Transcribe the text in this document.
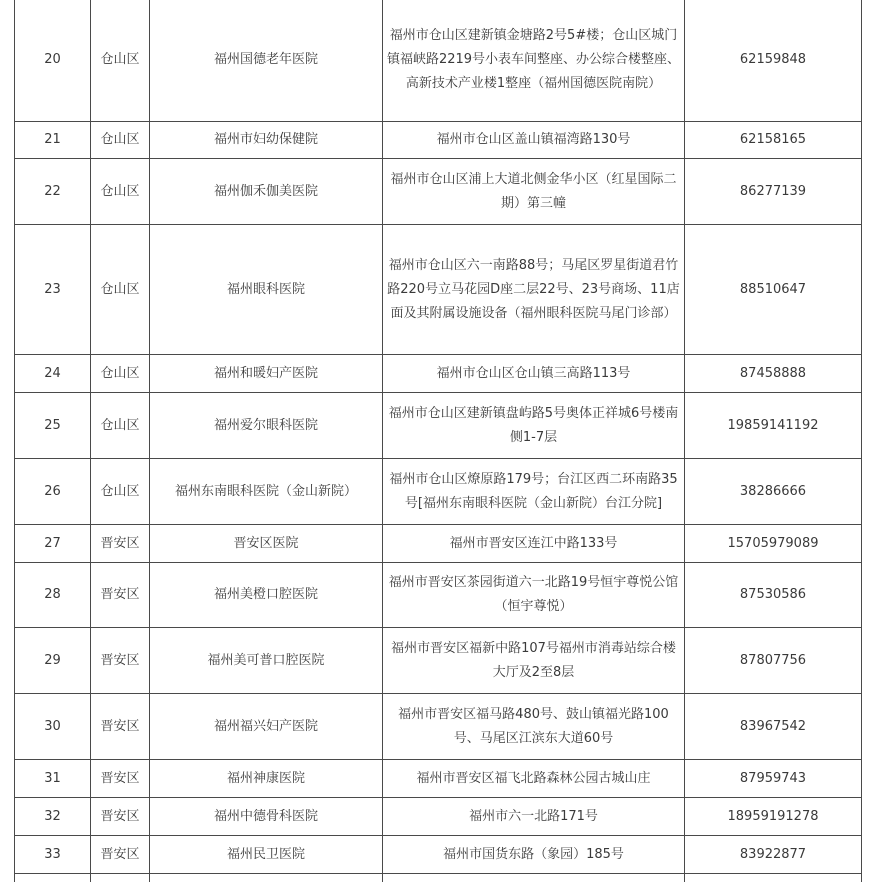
20	仓山区	福州国德老年医院	福州市仓山区建新镇金塘路2号5#楼；仓山区城门镇福峡路2219号小表车间整座、办公综合楼整座、高新技术产业楼1整座（福州国德医院南院）	62159848
21	仓山区	福州市妇幼保健院	福州市仓山区盖山镇福湾路130号	62158165
22	仓山区	福州伽禾伽美医院	福州市仓山区浦上大道北侧金华小区（红星国际二期）第三幢	86277139
23	仓山区	福州眼科医院	福州市仓山区六一南路88号；马尾区罗星街道君竹路220号立马花园D座二层22号、23号商场、11店面及其附属设施设备（福州眼科医院马尾门诊部）	88510647
24	仓山区	福州和暖妇产医院	福州市仓山区仓山镇三高路113号	87458888
25	仓山区	福州爱尔眼科医院	福州市仓山区建新镇盘屿路5号奥体正祥城6号楼南侧1-7层	19859141192
26	仓山区	福州东南眼科医院（金山新院）	福州市仓山区燎原路179号；台江区西二环南路35号[福州东南眼科医院（金山新院）台江分院]	38286666
27	晋安区	晋安区医院	福州市晋安区连江中路133号	15705979089
28	晋安区	福州美橙口腔医院	福州市晋安区茶园街道六一北路19号恒宇尊悦公馆（恒宇尊悦）	87530586
29	晋安区	福州美可普口腔医院	福州市晋安区福新中路107号福州市消毒站综合楼大厅及2至8层	87807756
30	晋安区	福州福兴妇产医院	福州市晋安区福马路480号、鼓山镇福光路100号、马尾区江滨东大道60号	83967542
31	晋安区	福州神康医院	福州市晋安区福飞北路森林公园古城山庄	87959743
32	晋安区	福州中德骨科医院	福州市六一北路171号	18959191278
33	晋安区	福州民卫医院	福州市国货东路（象园）185号	83922877
